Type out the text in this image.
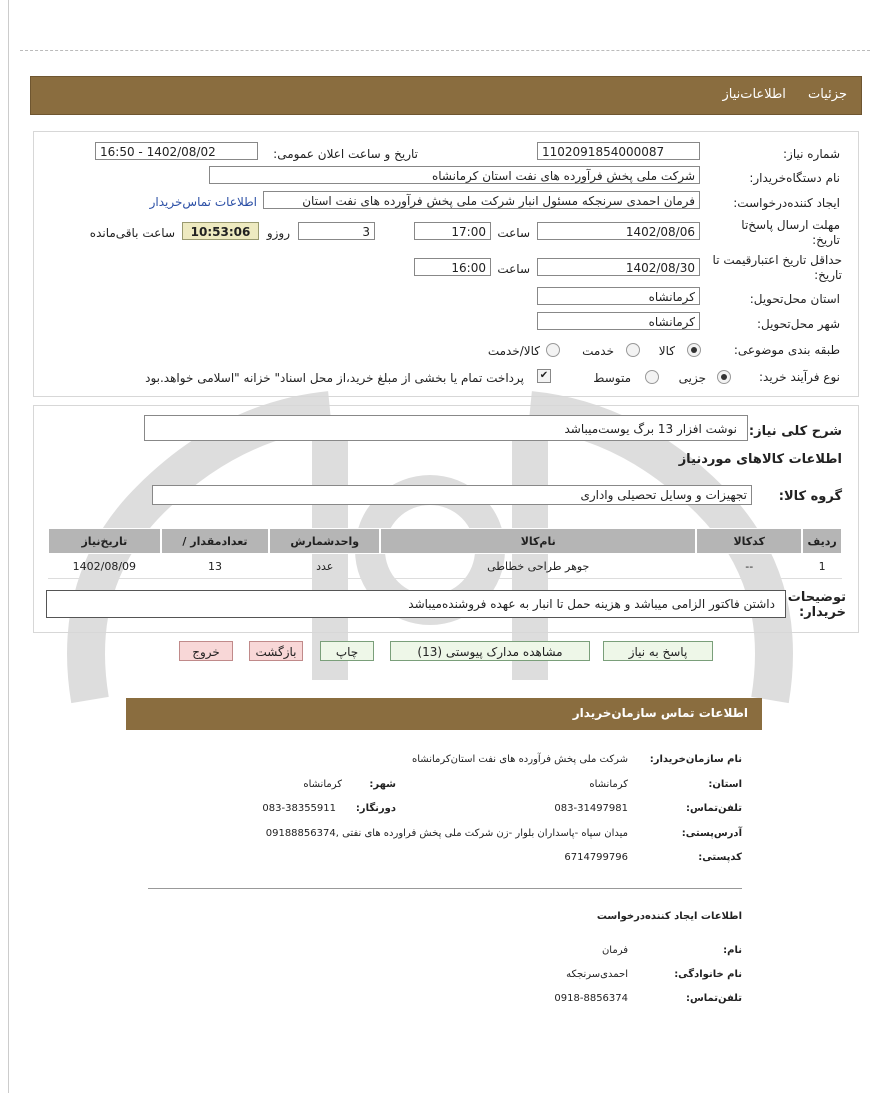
جزئیات اطلاعات‌نیاز
شماره نیاز:
1102091854000087
تاریخ و ساعت اعلان عمومی:
1402/08/02 - 16:50
نام دستگاه‌خریدار:
شرکت ملی پخش فرآورده های نفت استان کرمانشاه
ایجاد کننده‌درخواست:
فرمان احمدی سرنجکه مسئول انبار شرکت ملی پخش فرآورده های نفت استان
اطلاعات تماس‌خریدار
مهلت ارسال پاسخ‌تا تاریخ:
1402/08/06
ساعت
17:00
3
روزو
10:53:06
ساعت باقی‌مانده
حداقل تاریخ اعتبار‌قیمت تا تاریخ:
1402/08/30
ساعت
16:00
استان محل‌تحویل:
کرمانشاه
شهر محل‌تحویل:
کرمانشاه
طبقه بندی موضوعی:
کالا
خدمت
کالا/خدمت
نوع فرآیند خرید:
جزیی
متوسط
✔
پرداخت تمام یا بخشی از مبلغ خرید،از محل اسناد" خزانه "اسلامی خواهد.بود
شرح کلی نیاز:
نوشت افزار 13 برگ یوست‌میباشد
اطلاعات کالاهای موردنیاز
گروه کالا:
تجهیزات و وسایل تحصیلی واداری
ردیف	کدکالا	نام‌کالا	واحدشمارش	تعدادمقدار /	تاریخ‌نیاز
1	--	جوهر طراحی خطاطی	عدد	13	1402/08/09
توضیحات خریدار:
داشتن فاکتور الزامی میباشد و هزینه حمل تا انبار به عهده فروشنده‌میباشد
پاسخ به نیاز
مشاهده مدارک پیوستی (13)
چاپ
بازگشت
خروج
اطلاعات تماس سازمان‌خریدار
نام سازمان‌خریدار:
شرکت ملی پخش فرآورده های نفت استان‌کرمانشاه
استان:
کرمانشاه
شهر:
کرمانشاه
تلفن‌تماس:
083-31497981
دورنگار:
083-38355911
آدرس‌پستی:
میدان سپاه -پاسداران بلوار -زن شرکت ملی پخش فراورده های نفتی ,09188856374
کدپستی:
6714799796
اطلاعات ایجاد کننده‌درخواست
نام:
فرمان
نام خانوادگی:
احمدی‌سرنجکه
تلفن‌تماس:
0918-8856374
